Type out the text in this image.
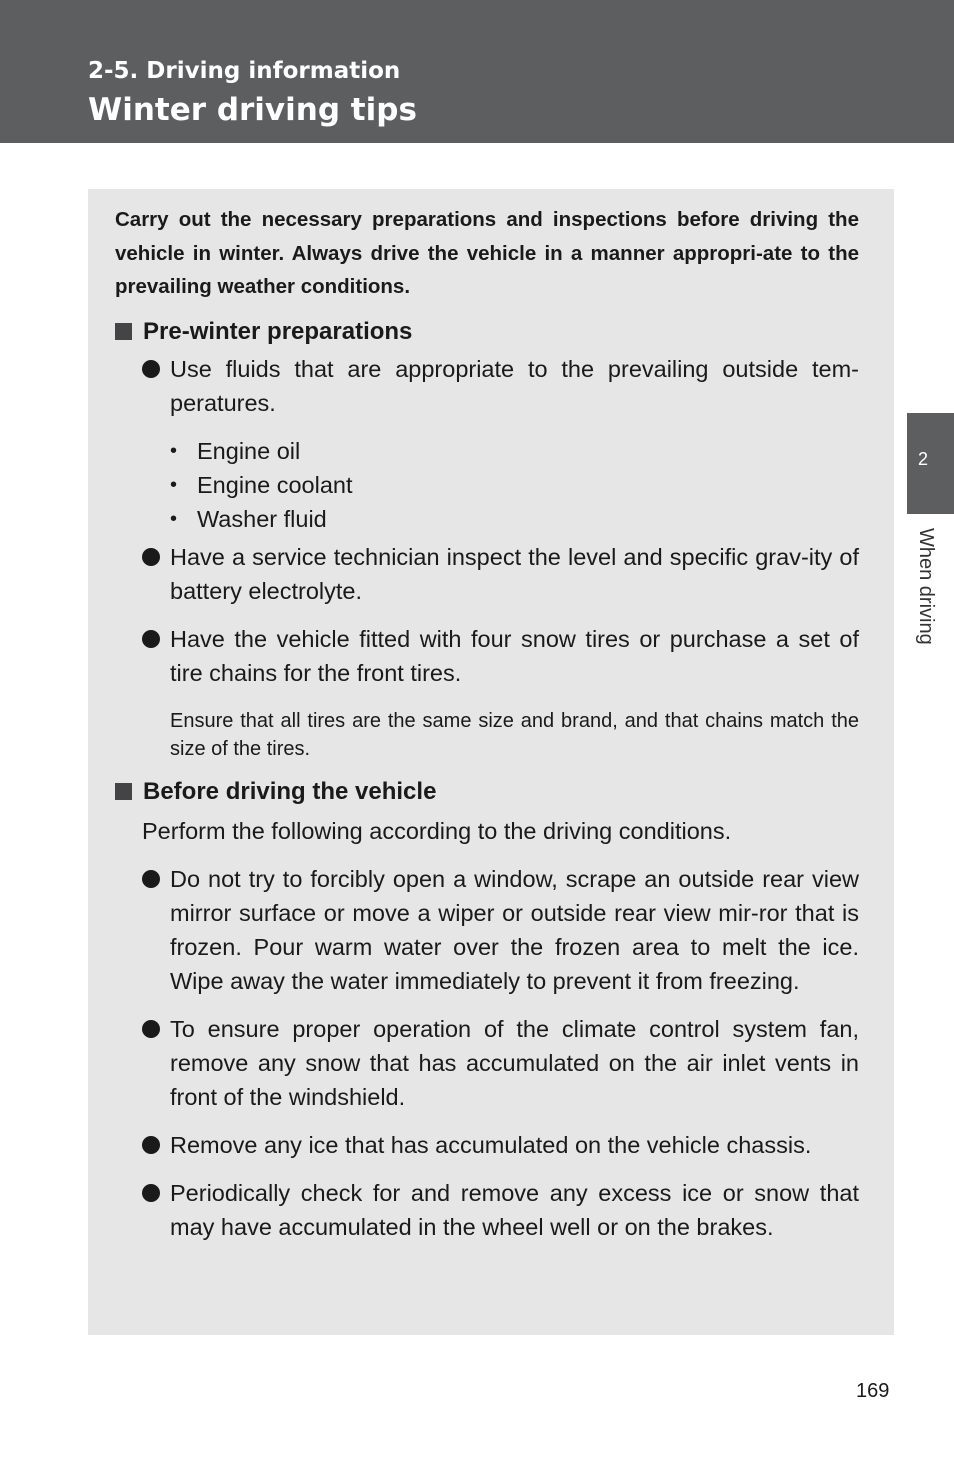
2-5. Driving information
Winter driving tips

Carry out the necessary preparations and inspections before driving the vehicle in winter. Always drive the vehicle in a manner appropri-ate to the prevailing weather conditions.

Pre-winter preparations

Use fluids that are appropriate to the prevailing outside tem-peratures.

• Engine oil
• Engine coolant
• Washer fluid

Have a service technician inspect the level and specific grav-ity of battery electrolyte.

Have the vehicle fitted with four snow tires or purchase a set of tire chains for the front tires.

Ensure that all tires are the same size and brand, and that chains match the size of the tires.

Before driving the vehicle

Perform the following according to the driving conditions.

Do not try to forcibly open a window, scrape an outside rear view mirror surface or move a wiper or outside rear view mir-ror that is frozen. Pour warm water over the frozen area to melt the ice. Wipe away the water immediately to prevent it from freezing.

To ensure proper operation of the climate control system fan, remove any snow that has accumulated on the air inlet vents in front of the windshield.

Remove any ice that has accumulated on the vehicle chassis.

Periodically check for and remove any excess ice or snow that may have accumulated in the wheel well or on the brakes.

2
When driving
169
